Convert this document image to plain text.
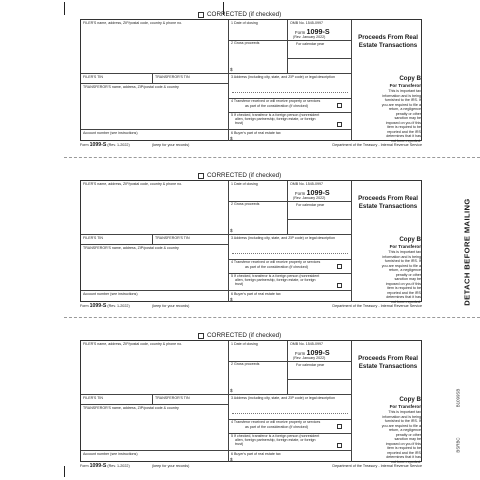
DETACH BEFORE MAILING
B1099SB
BSRBC
CORRECTED (if checked)
FILER'S name, address, ZIP/postal code, country & phone no.	1 Date of closing	OMB No. 1545-0997
Form 1099-S
(Rev. January 2022)
For calendar year
2 Gross proceeds
$
Proceeds From Real
Estate Transactions
FILER'S TIN	TRANSFEROR'S TIN	3 Address (including city, state, and ZIP code) or legal description
TRANSFEROR'S name, address, ZIP/postal code & country
Copy B
For Transferor
This is important tax
information and is being
furnished to the IRS. If
you are required to file a
return, a negligence
penalty or other
sanction may be
imposed on you if this
item is required to be
reported and the IRS
determines that it has
not been reported.
4 Transferor received or will receive property or services
as part of the consideration (if checked)
5 If checked, transferor is a foreign person (nonresident
alien, foreign partnership, foreign estate, or foreign
trust)
Account number (see instructions)	6 Buyer's part of real estate tax
$
Form 1099-S (Rev. 1-2022)	(keep for your records)	Department of the Treasury - Internal Revenue Service
CORRECTED (if checked)
FILER'S name, address, ZIP/postal code, country & phone no.	1 Date of closing	OMB No. 1545-0997
Form 1099-S
(Rev. January 2022)
For calendar year
2 Gross proceeds
$
Proceeds From Real
Estate Transactions
FILER'S TIN	TRANSFEROR'S TIN	3 Address (including city, state, and ZIP code) or legal description
TRANSFEROR'S name, address, ZIP/postal code & country
Copy B
For Transferor
This is important tax
information and is being
furnished to the IRS. If
you are required to file a
return, a negligence
penalty or other
sanction may be
imposed on you if this
item is required to be
reported and the IRS
determines that it has
not been reported.
4 Transferor received or will receive property or services
as part of the consideration (if checked)
5 If checked, transferor is a foreign person (nonresident
alien, foreign partnership, foreign estate, or foreign
trust)
Account number (see instructions)	6 Buyer's part of real estate tax
$
Form 1099-S (Rev. 1-2022)	(keep for your records)	Department of the Treasury - Internal Revenue Service
CORRECTED (if checked)
FILER'S name, address, ZIP/postal code, country & phone no.	1 Date of closing	OMB No. 1545-0997
Form 1099-S
(Rev. January 2022)
For calendar year
2 Gross proceeds
$
Proceeds From Real
Estate Transactions
FILER'S TIN	TRANSFEROR'S TIN	3 Address (including city, state, and ZIP code) or legal description
TRANSFEROR'S name, address, ZIP/postal code & country
Copy B
For Transferor
This is important tax
information and is being
furnished to the IRS. If
you are required to file a
return, a negligence
penalty or other
sanction may be
imposed on you if this
item is required to be
reported and the IRS
determines that it has
not been reported.
4 Transferor received or will receive property or services
as part of the consideration (if checked)
5 If checked, transferor is a foreign person (nonresident
alien, foreign partnership, foreign estate, or foreign
trust)
Account number (see instructions)	6 Buyer's part of real estate tax
$
Form 1099-S (Rev. 1-2022)	(keep for your records)	Department of the Treasury - Internal Revenue Service
